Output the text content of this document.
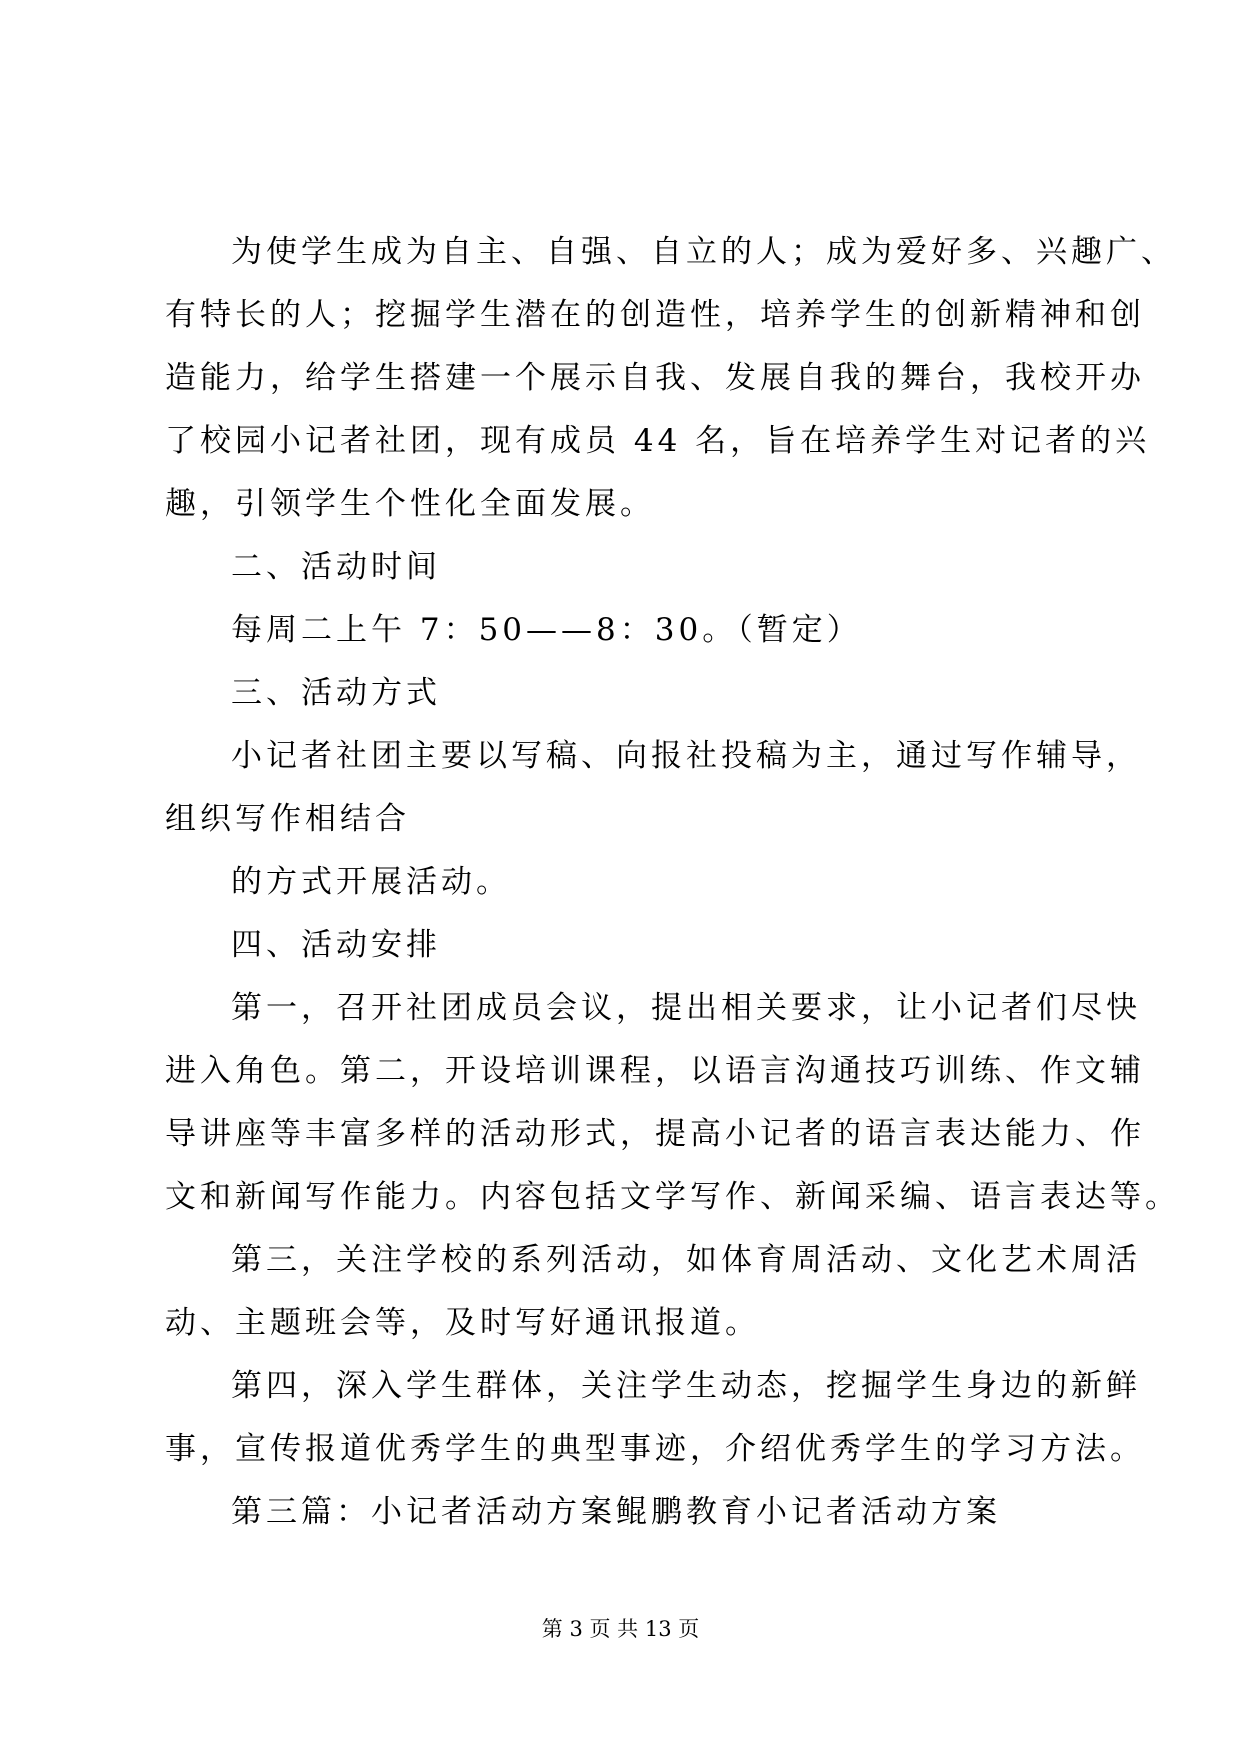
为使学生成为自主、自强、自立的人；成为爱好多、兴趣广、
有特长的人；挖掘学生潜在的创造性，培养学生的创新精神和创
造能力，给学生搭建一个展示自我、发展自我的舞台，我校开办
了校园小记者社团，现有成员 44 名，旨在培养学生对记者的兴
趣，引领学生个性化全面发展。
二、活动时间
每周二上午 7：50——8：30。（暂定）
三、活动方式
小记者社团主要以写稿、向报社投稿为主，通过写作辅导，
组织写作相结合
的方式开展活动。
四、活动安排
第一，召开社团成员会议，提出相关要求，让小记者们尽快
进入角色。第二，开设培训课程，以语言沟通技巧训练、作文辅
导讲座等丰富多样的活动形式，提高小记者的语言表达能力、作
文和新闻写作能力。内容包括文学写作、新闻采编、语言表达等。
第三，关注学校的系列活动，如体育周活动、文化艺术周活
动、主题班会等，及时写好通讯报道。
第四，深入学生群体，关注学生动态，挖掘学生身边的新鲜
事，宣传报道优秀学生的典型事迹，介绍优秀学生的学习方法。
第三篇：小记者活动方案鲲鹏教育小记者活动方案
第 3 页 共 13 页
